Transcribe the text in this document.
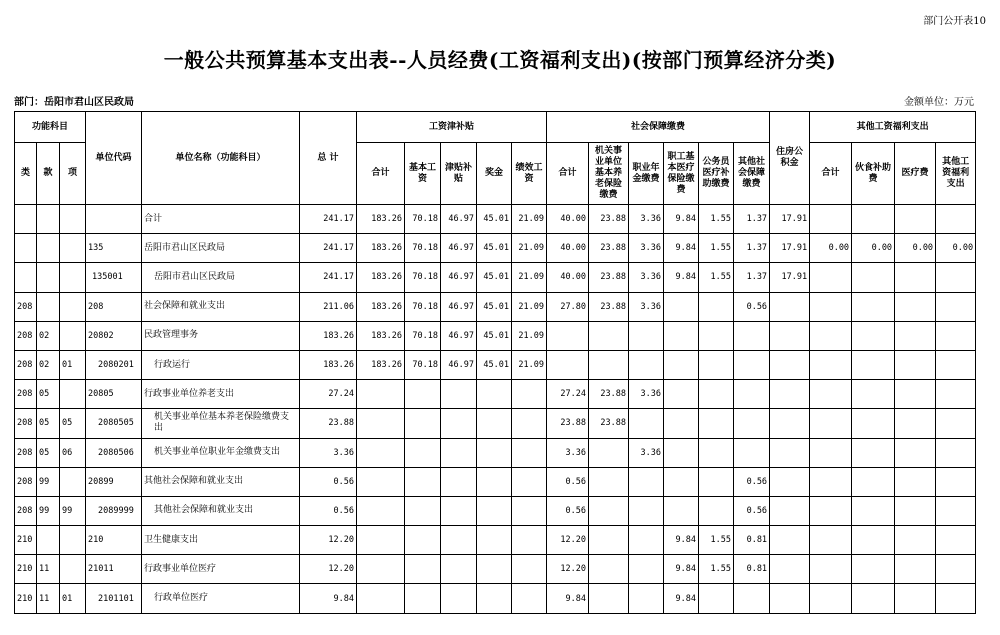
部门公开表10
一般公共预算基本支出表--人员经费(工资福利支出)(按部门预算经济分类)
部门：岳阳市君山区民政局	金额单位：万元
功能科目			单位代码	单位名称（功能科目）	总 计	工资津补贴					社会保障缴费						住房公积金	其他工资福利支出			
类	款	项				合计	基本工资	津贴补贴	奖金	绩效工资	合计	机关事业单位基本养老保险缴费	职业年金缴费	职工基本医疗保险缴费	公务员医疗补助缴费	其他社会保障缴费		合计	伙食补助费	医疗费	其他工资福利支出
				合计	241.17	183.26	70.18	46.97	45.01	21.09	40.00	23.88	3.36	9.84	1.55	1.37	17.91				
			135	岳阳市君山区民政局	241.17	183.26	70.18	46.97	45.01	21.09	40.00	23.88	3.36	9.84	1.55	1.37	17.91	0.00	0.00	0.00	0.00
			135001	岳阳市君山区民政局	241.17	183.26	70.18	46.97	45.01	21.09	40.00	23.88	3.36	9.84	1.55	1.37	17.91				
208			208	社会保障和就业支出	211.06	183.26	70.18	46.97	45.01	21.09	27.80	23.88	3.36			0.56					
208	02		20802	民政管理事务	183.26	183.26	70.18	46.97	45.01	21.09											
208	02	01	2080201	行政运行	183.26	183.26	70.18	46.97	45.01	21.09											
208	05		20805	行政事业单位养老支出	27.24						27.24	23.88	3.36								
208	05	05	2080505	机关事业单位基本养老保险缴费支出	23.88						23.88	23.88									
208	05	06	2080506	机关事业单位职业年金缴费支出	3.36						3.36		3.36								
208	99		20899	其他社会保障和就业支出	0.56						0.56					0.56					
208	99	99	2089999	其他社会保障和就业支出	0.56						0.56					0.56					
210			210	卫生健康支出	12.20						12.20			9.84	1.55	0.81					
210	11		21011	行政事业单位医疗	12.20						12.20			9.84	1.55	0.81					
210	11	01	2101101	行政单位医疗	9.84						9.84			9.84							
